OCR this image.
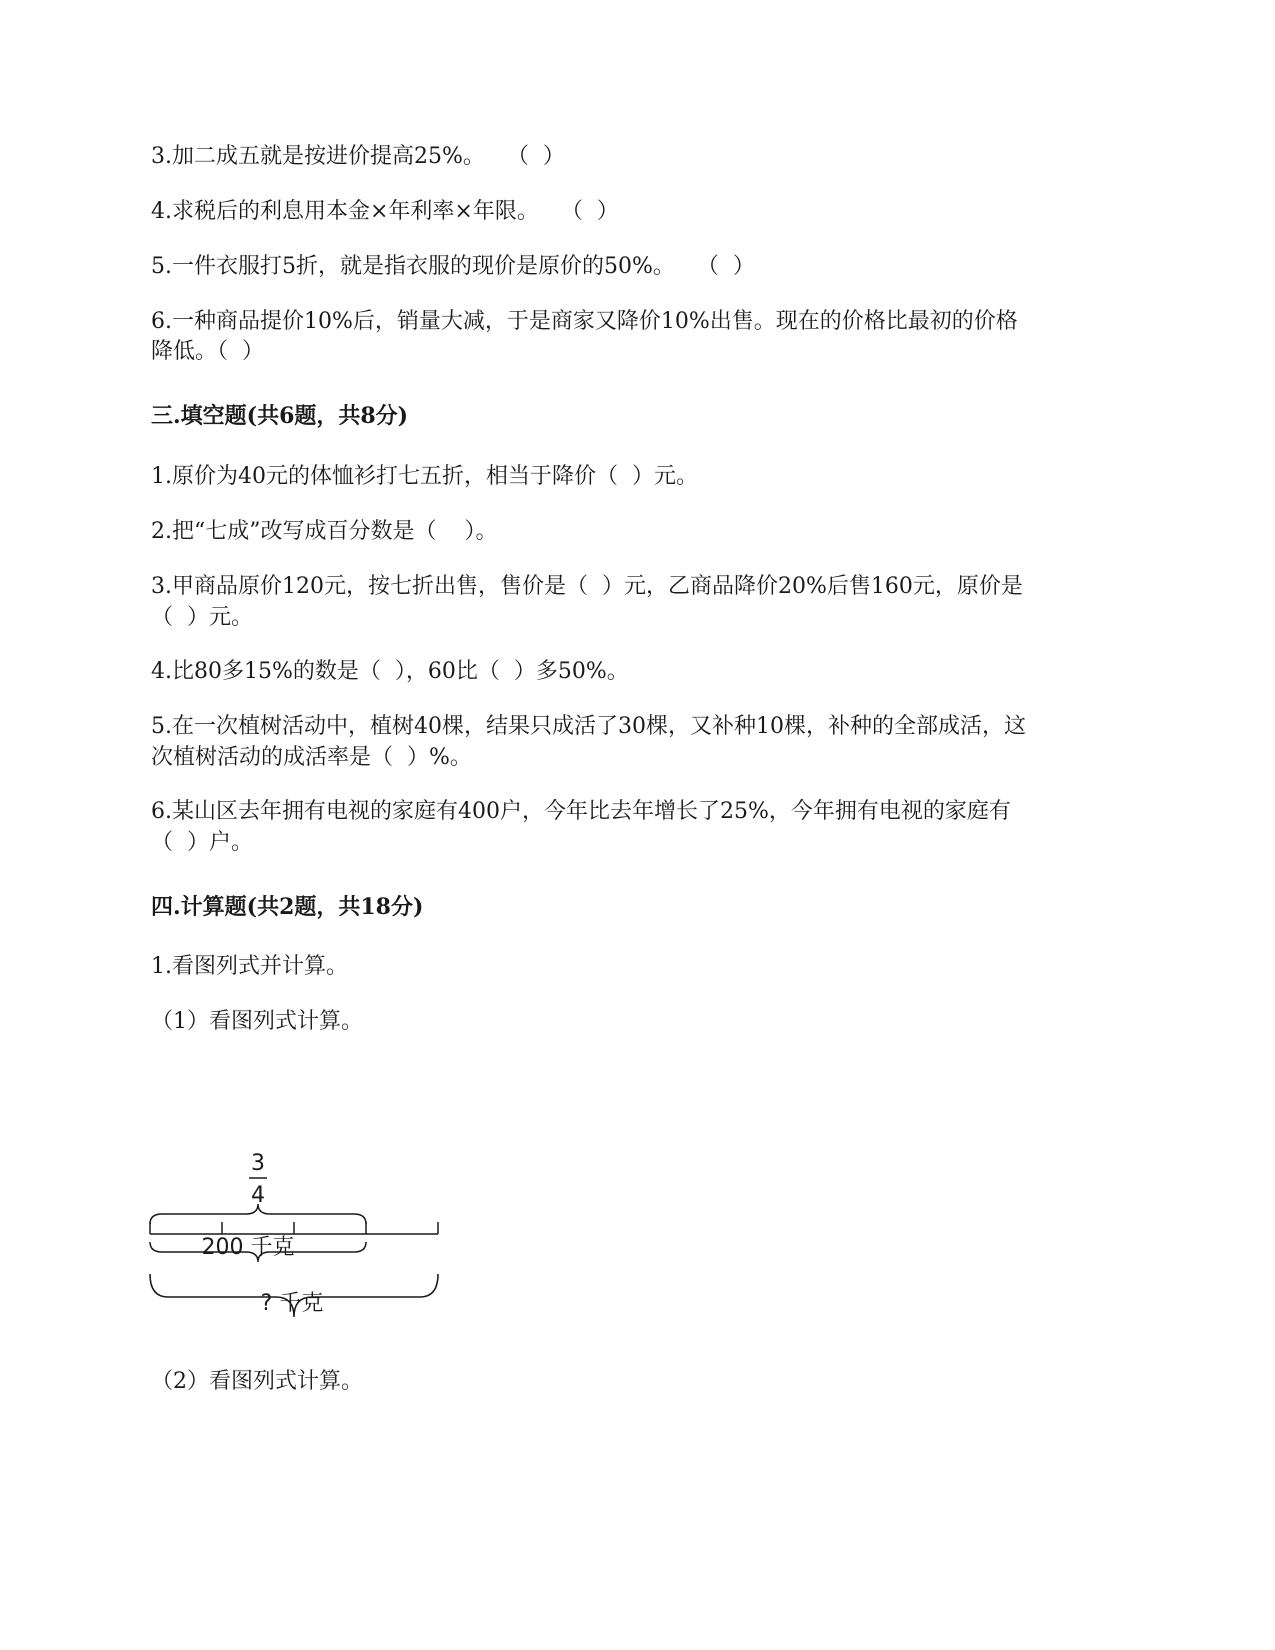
3.加二成五就是按进价提高25%。　　（  ）
4.求税后的利息用本金×年利率×年限。　　（  ）
5.一件衣服打5折，就是指衣服的现价是原价的50%。　　（  ）
6.一种商品提价10%后，销量大减，于是商家又降价10%出售。现在的价格比最初的价格
降低。（  ）
三.填空题(共6题，共8分)
1.原价为40元的体恤衫打七五折，相当于降价（  ）元。
2.把“七成”改写成百分数是（    ）。
3.甲商品原价120元，按七折出售，售价是（  ）元，乙商品降价20%后售160元，原价是
（  ）元。
4.比80多15%的数是（  ），60比（  ）多50%。
5.在一次植树活动中，植树40棵，结果只成活了30棵，又补种10棵，补种的全部成活，这
次植树活动的成活率是（  ）%。
6.某山区去年拥有电视的家庭有400户，今年比去年增长了25%，今年拥有电视的家庭有
（  ）户。
四.计算题(共2题，共18分)
1.看图列式并计算。
（1）看图列式计算。
3
4
200 千克
? 千克
（2）看图列式计算。
